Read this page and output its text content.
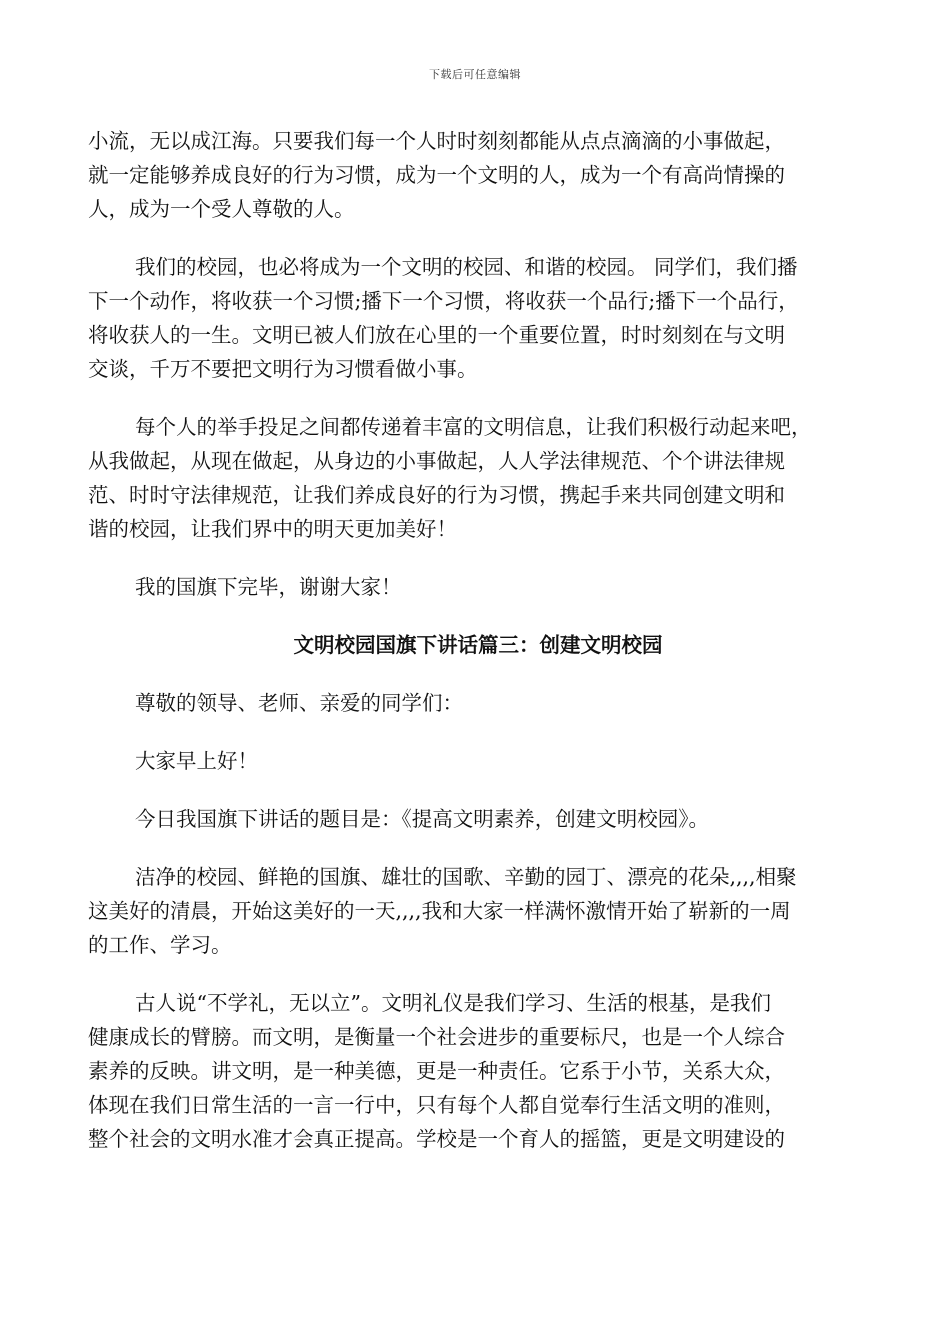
下载后可任意编辑
小流，无以成江海。只要我们每一个人时时刻刻都能从点点滴滴的小事做起，
就一定能够养成良好的行为习惯，成为一个文明的人，成为一个有高尚情操的
人，成为一个受人尊敬的人。
我们的校园，也必将成为一个文明的校园、和谐的校园。 同学们，我们播
下一个动作，将收获一个习惯;播下一个习惯，将收获一个品行;播下一个品行，
将收获人的一生。文明已被人们放在心里的一个重要位置，时时刻刻在与文明
交谈，千万不要把文明行为习惯看做小事。
每个人的举手投足之间都传递着丰富的文明信息，让我们积极行动起来吧，
从我做起，从现在做起，从身边的小事做起，人人学法律规范、个个讲法律规
范、时时守法律规范，让我们养成良好的行为习惯，携起手来共同创建文明和
谐的校园，让我们界中的明天更加美好！
我的国旗下完毕，谢谢大家！
文明校园国旗下讲话篇三：创建文明校园
尊敬的领导、老师、亲爱的同学们：
大家早上好！
今日我国旗下讲话的题目是：《提高文明素养，创建文明校园》。
洁净的校园、鲜艳的国旗、雄壮的国歌、辛勤的园丁、漂亮的花朵,,,,相聚
这美好的清晨，开始这美好的一天,,,,我和大家一样满怀激情开始了崭新的一周
的工作、学习。
古人说“不学礼，无以立”。文明礼仪是我们学习、生活的根基，是我们
健康成长的臂膀。而文明，是衡量一个社会进步的重要标尺，也是一个人综合
素养的反映。讲文明，是一种美德，更是一种责任。它系于小节，关系大众，
体现在我们日常生活的一言一行中，只有每个人都自觉奉行生活文明的准则，
整个社会的文明水准才会真正提高。学校是一个育人的摇篮，更是文明建设的
